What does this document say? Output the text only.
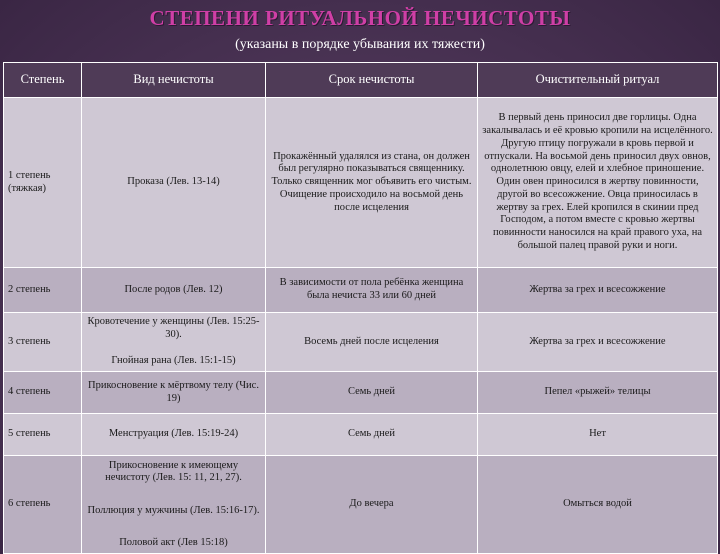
СТЕПЕНИ РИТУАЛЬНОЙ НЕЧИСТОТЫ
(указаны в порядке убывания их тяжести)
Степень	Вид нечистоты	Срок нечистоты	Очистительный ритуал
1 степень (тяжкая)	Проказа (Лев. 13-14)	Прокажённый удалялся из стана, он должен был регулярно показываться священнику. Только священник мог объявить его чистым. Очищение происходило на восьмой день после исцеления	В первый день приносил две горлицы. Одна закалывалась и её кровью кропили на исцелённого. Другую птицу погружали в кровь первой и отпускали. На восьмой день приносил двух овнов, однолетнюю овцу, елей и хлебное приношение. Один овен приносился в жертву повинности, другой во всесожжение. Овца приносилась в жертву за грех. Елей кропился в скинии пред Господом, а потом вместе с кровью жертвы повинности наносился на край правого уха, на большой палец правой руки и ноги.
2 степень	После родов (Лев. 12)	В зависимости от пола ребёнка женщина была нечиста 33 или 60 дней	Жертва за грех и всесожжение
3 степень	Кровотечение у женщины (Лев. 15:25-30).
Гнойная рана (Лев. 15:1-15)	Восемь дней после исцеления	Жертва за грех и всесожжение
4 степень	Прикосновение к мёртвому телу (Чис. 19)	Семь дней	Пепел «рыжей» телицы
5 степень	Менструация (Лев. 15:19-24)	Семь дней	Нет
6 степень	Прикосновение к имеющему нечистоту (Лев. 15: 11, 21, 27).
Поллюция у мужчины (Лев. 15:16-17).
Половой акт (Лев 15:18)	До вечера	Омыться водой
